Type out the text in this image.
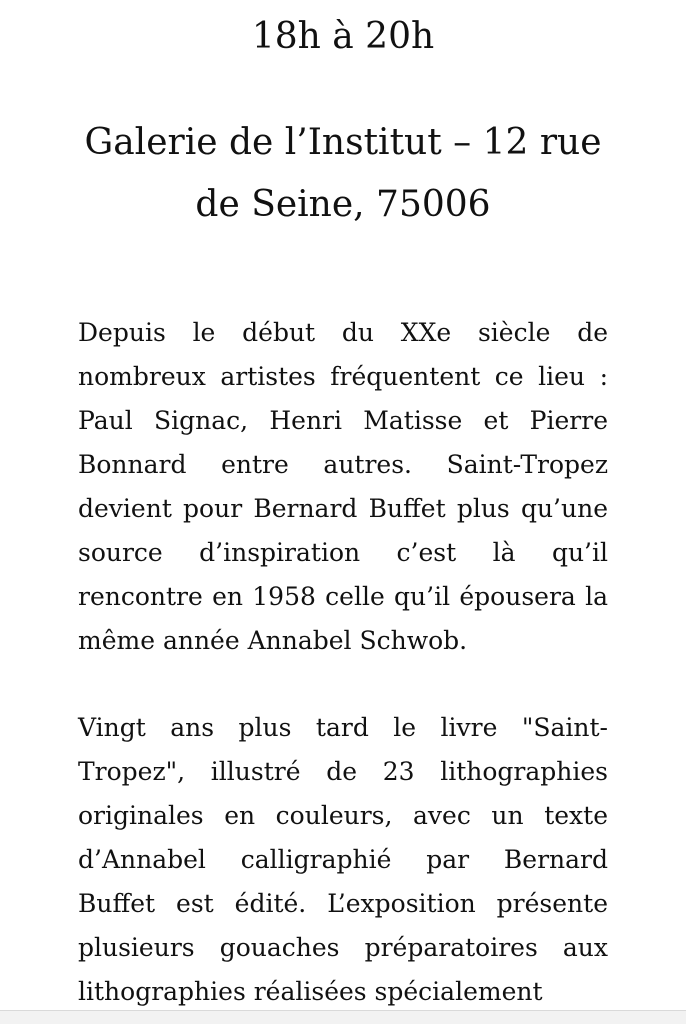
18h à 20h
Galerie de l’Institut – 12 rue de Seine, 75006

Depuis le début du XXe siècle de nombreux artistes fréquentent ce lieu : Paul Signac, Henri Matisse et Pierre Bonnard entre autres. Saint-Tropez devient pour Bernard Buffet plus qu’une source d’inspiration c’est là qu’il rencontre en 1958 celle qu’il épousera la même année Annabel Schwob.

Vingt ans plus tard le livre "Saint-Tropez", illustré de 23 lithographies originales en couleurs, avec un texte d’Annabel calligraphié par Bernard Buffet est édité. L’exposition présente plusieurs gouaches préparatoires aux lithographies réalisées spécialement
